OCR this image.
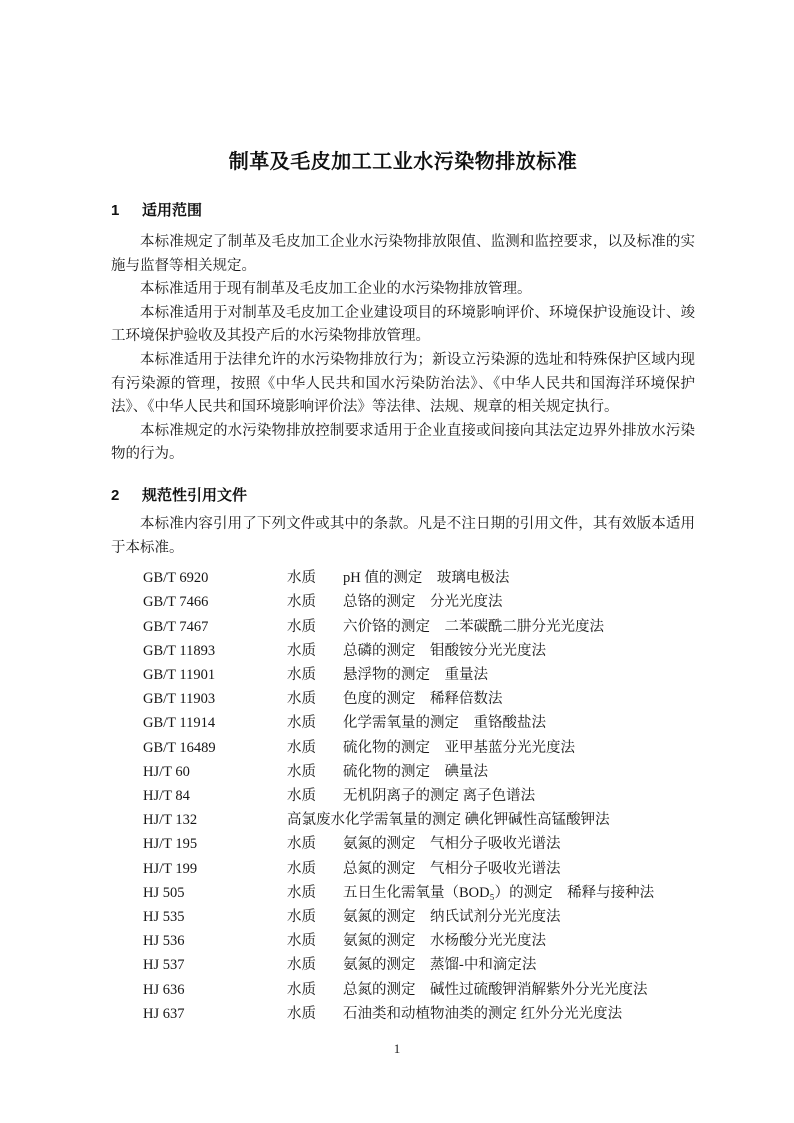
制革及毛皮加工工业水污染物排放标准
1	适用范围

本标准规定了制革及毛皮加工企业水污染物排放限值、监测和监控要求，以及标准的实施与监督等相关规定。

本标准适用于现有制革及毛皮加工企业的水污染物排放管理。

本标准适用于对制革及毛皮加工企业建设项目的环境影响评价、环境保护设施设计、竣工环境保护验收及其投产后的水污染物排放管理。

本标准适用于法律允许的水污染物排放行为；新设立污染源的选址和特殊保护区域内现有污染源的管理，按照《中华人民共和国水污染防治法》、《中华人民共和国海洋环境保护法》、《中华人民共和国环境影响评价法》等法律、法规、规章的相关规定执行。

本标准规定的水污染物排放控制要求适用于企业直接或间接向其法定边界外排放水污染物的行为。

2	规范性引用文件

本标准内容引用了下列文件或其中的条款。凡是不注日期的引用文件，其有效版本适用于本标准。

GB/T 6920	水质	pH 值的测定　玻璃电极法
GB/T 7466	水质	总铬的测定　分光光度法
GB/T 7467	水质	六价铬的测定　二苯碳酰二肼分光光度法
GB/T 11893	水质	总磷的测定　钼酸铵分光光度法
GB/T 11901	水质	悬浮物的测定　重量法
GB/T 11903	水质	色度的测定　稀释倍数法
GB/T 11914	水质	化学需氧量的测定　重铬酸盐法
GB/T 16489	水质	硫化物的测定　亚甲基蓝分光光度法
HJ/T 60	水质	硫化物的测定　碘量法
HJ/T 84	水质	无机阴离子的测定 离子色谱法
HJ/T 132	高氯废水 化学需氧量的测定 碘化钾碱性高锰酸钾法
HJ/T 195	水质	氨氮的测定　气相分子吸收光谱法
HJ/T 199	水质	总氮的测定　气相分子吸收光谱法
HJ 505	水质	五日生化需氧量（BOD₅）的测定　稀释与接种法
HJ 535	水质	氨氮的测定　纳氏试剂分光光度法
HJ 536	水质	氨氮的测定　水杨酸分光光度法
HJ 537	水质	氨氮的测定　蒸馏-中和滴定法
HJ 636	水质	总氮的测定　碱性过硫酸钾消解紫外分光光度法
HJ 637	水质	石油类和动植物油类的测定 红外分光光度法
1
